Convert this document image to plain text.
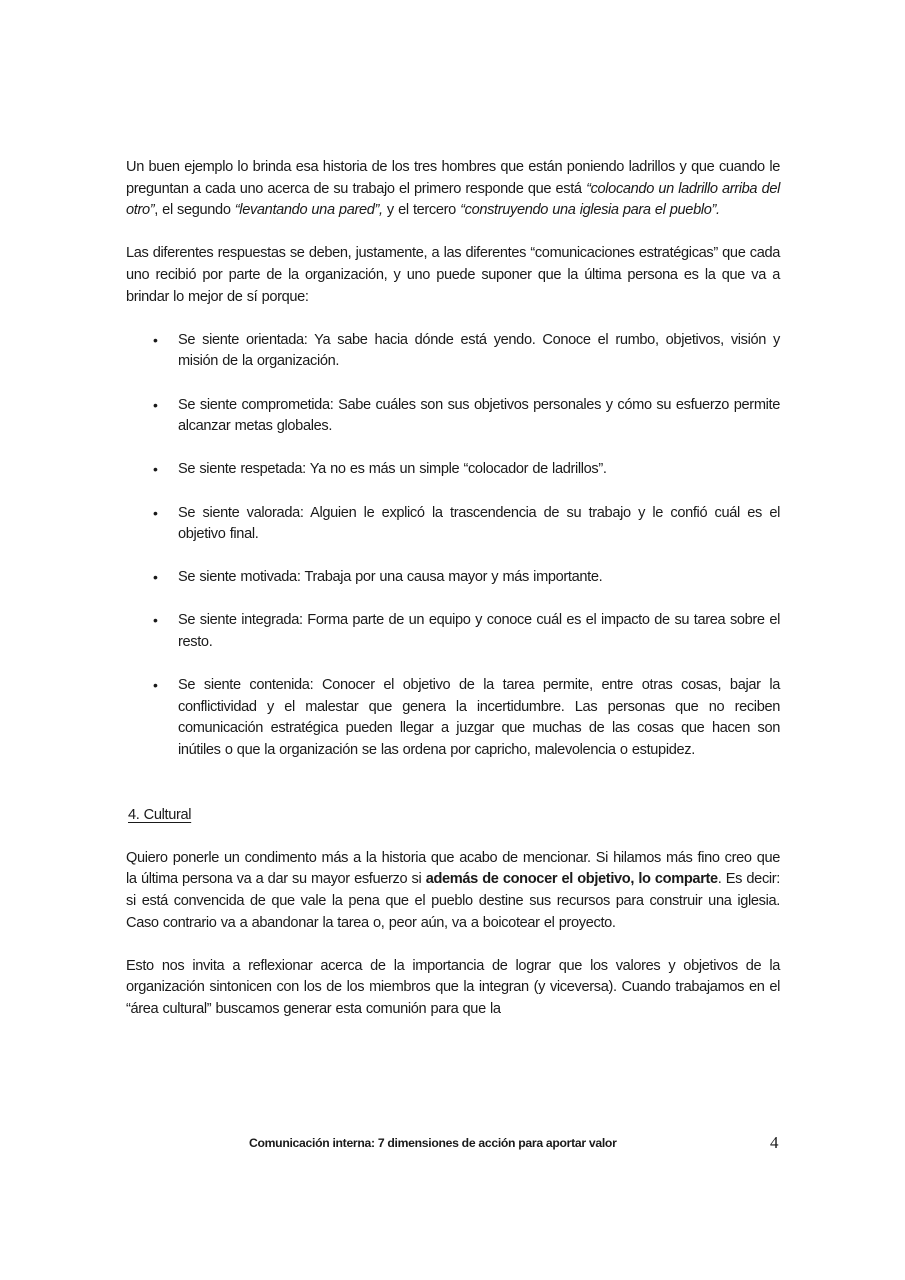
Un buen ejemplo lo brinda esa historia de los tres hombres que están poniendo ladrillos y que cuando le preguntan a cada uno acerca de su trabajo el primero responde que está “colocando un ladrillo arriba del otro”, el segundo “levantando una pared”, y el tercero “construyendo una iglesia para el pueblo”.

Las diferentes respuestas se deben, justamente, a las diferentes “comunicaciones estratégicas” que cada uno recibió por parte de la organización, y uno puede suponer que la última persona es la que va a brindar lo mejor de sí porque:

• Se siente orientada: Ya sabe hacia dónde está yendo. Conoce el rumbo, objetivos, visión y misión de la organización.
• Se siente comprometida: Sabe cuáles son sus objetivos personales y cómo su esfuerzo permite alcanzar metas globales.
• Se siente respetada: Ya no es más un simple “colocador de ladrillos”.
• Se siente valorada: Alguien le explicó la trascendencia de su trabajo y le confió cuál es el objetivo final.
• Se siente motivada: Trabaja por una causa mayor y más importante.
• Se siente integrada: Forma parte de un equipo y conoce cuál es el impacto de su tarea sobre el resto.
• Se siente contenida: Conocer el objetivo de la tarea permite, entre otras cosas, bajar la conflictividad y el malestar que genera la incertidumbre. Las personas que no reciben comunicación estratégica pueden llegar a juzgar que muchas de las cosas que hacen son inútiles o que la organización se las ordena por capricho, malevolencia o estupidez.

4. Cultural

Quiero ponerle un condimento más a la historia que acabo de mencionar. Si hilamos más fino creo que la última persona va a dar su mayor esfuerzo si además de conocer el objetivo, lo comparte. Es decir: si está convencida de que vale la pena que el pueblo destine sus recursos para construir una iglesia. Caso contrario va a abandonar la tarea o, peor aún, va a boicotear el proyecto.

Esto nos invita a reflexionar acerca de la importancia de lograr que los valores y objetivos de la organización sintonicen con los de los miembros que la integran (y viceversa). Cuando trabajamos en el “área cultural” buscamos generar esta comunión para que la

Comunicación interna: 7 dimensiones de acción para aportar valor	4
